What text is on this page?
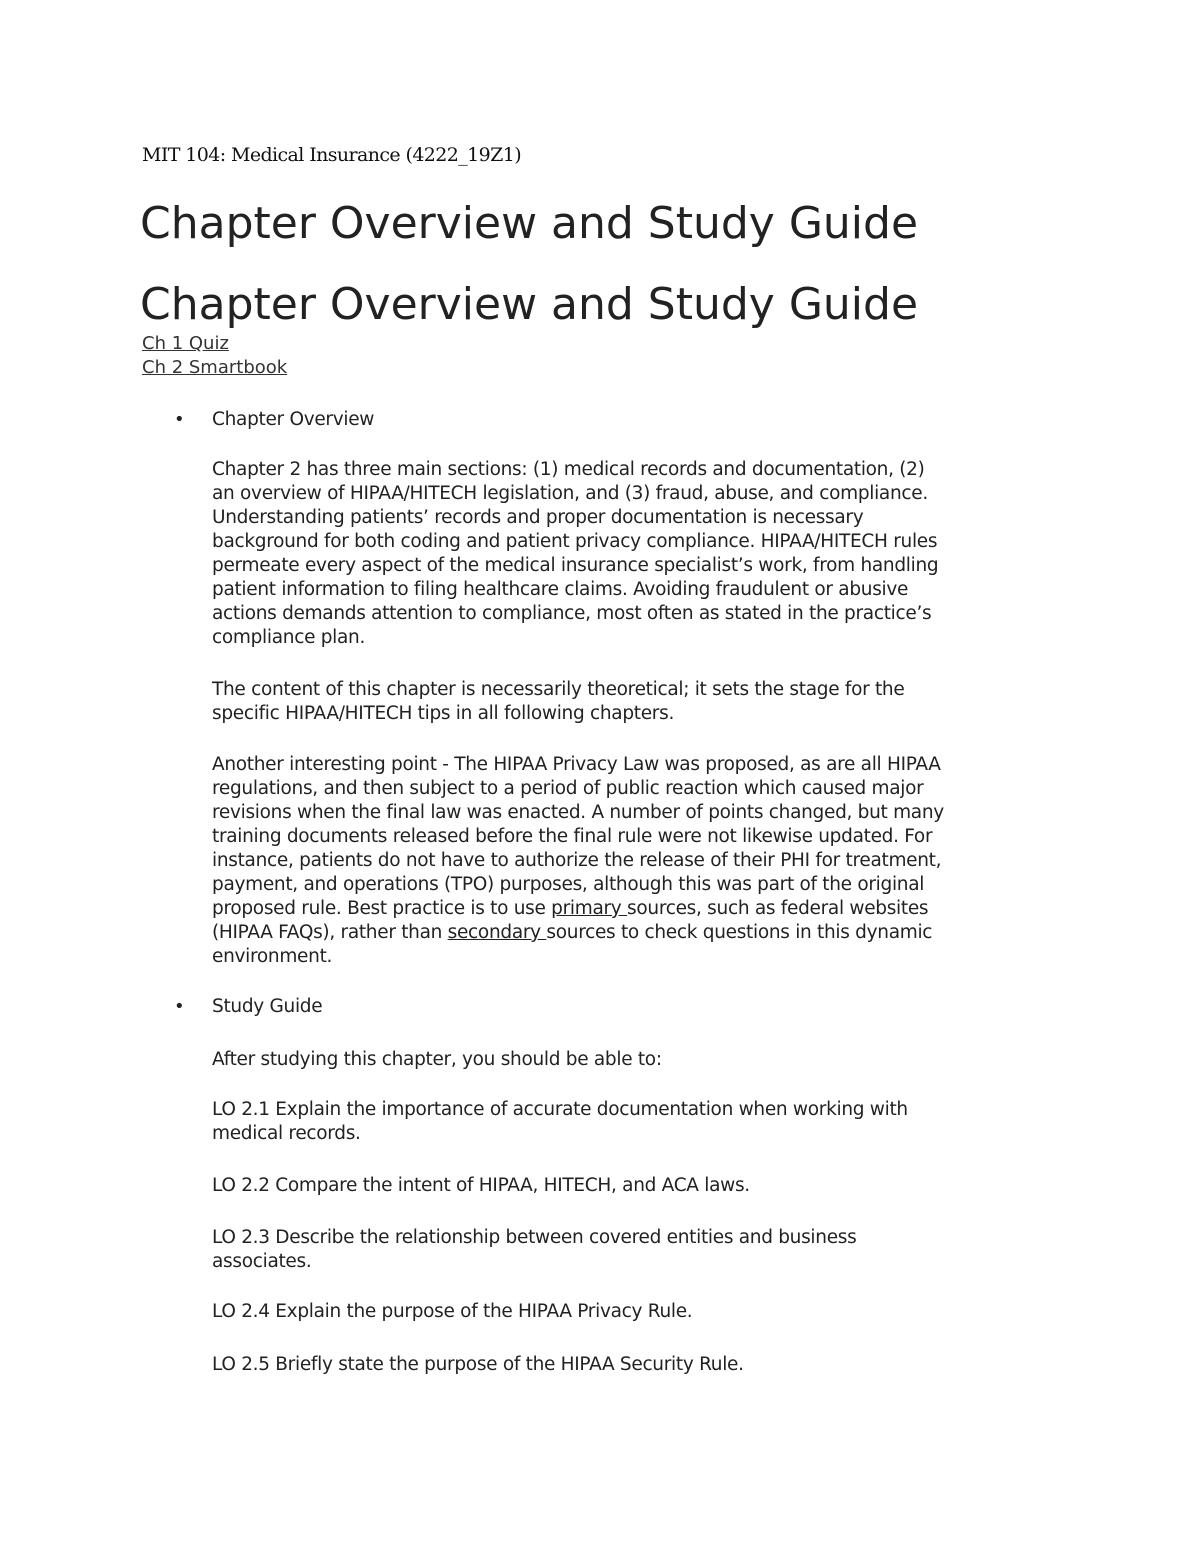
MIT 104: Medical Insurance (4222_19Z1)
Chapter Overview and Study Guide
Chapter Overview and Study Guide
Ch 1 Quiz
Ch 2 Smartbook
• Chapter Overview
Chapter 2 has three main sections: (1) medical records and documentation, (2)
an overview of HIPAA/HITECH legislation, and (3) fraud, abuse, and compliance.
Understanding patients’ records and proper documentation is necessary
background for both coding and patient privacy compliance. HIPAA/HITECH rules
permeate every aspect of the medical insurance specialist’s work, from handling
patient information to filing healthcare claims. Avoiding fraudulent or abusive
actions demands attention to compliance, most often as stated in the practice’s
compliance plan.
The content of this chapter is necessarily theoretical; it sets the stage for the
specific HIPAA/HITECH tips in all following chapters.
Another interesting point - The HIPAA Privacy Law was proposed, as are all HIPAA
regulations, and then subject to a period of public reaction which caused major
revisions when the final law was enacted. A number of points changed, but many
training documents released before the final rule were not likewise updated. For
instance, patients do not have to authorize the release of their PHI for treatment,
payment, and operations (TPO) purposes, although this was part of the original
proposed rule. Best practice is to use primary sources, such as federal websites
(HIPAA FAQs), rather than secondary sources to check questions in this dynamic
environment.
• Study Guide
After studying this chapter, you should be able to:
LO 2.1 Explain the importance of accurate documentation when working with
medical records.
LO 2.2 Compare the intent of HIPAA, HITECH, and ACA laws.
LO 2.3 Describe the relationship between covered entities and business
associates.
LO 2.4 Explain the purpose of the HIPAA Privacy Rule.
LO 2.5 Briefly state the purpose of the HIPAA Security Rule.
